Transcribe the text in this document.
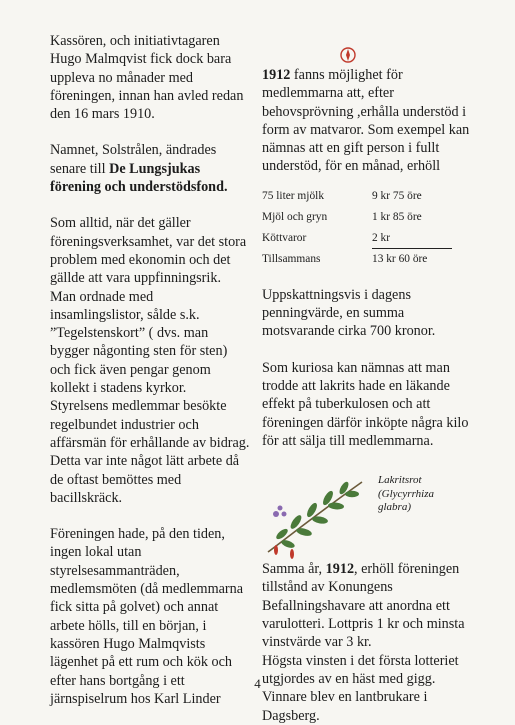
Kassören, och initiativtagaren Hugo Malmqvist fick dock bara uppleva no månader med föreningen, innan han avled redan den 16 mars 1910.

Namnet, Solstrålen, ändrades senare till De Lungsjukas förening och understödsfond.

Som alltid, när det gäller föreningsverksamhet, var det stora problem med ekonomin och det gällde att vara uppfinningsrik. Man ordnade med insamlingslistor, sålde s.k. ”Tegelstenskort” ( dvs. man bygger någonting sten för sten) och fick även pengar genom kollekt i stadens kyrkor.

Styrelsens medlemmar besökte regelbundet industrier och affärsmän för erhållande av bidrag. Detta var inte något lätt arbete då de oftast bemöttes med bacillskräck.

Föreningen hade, på den tiden, ingen lokal utan styrelsesammanträden, medlemsmöten (då medlemmarna fick sitta på golvet) och annat arbete hölls, till en början, i kassören Hugo Malmqvists lägenhet på ett rum och kök och efter hans bortgång i ett järnspiselrum hos Karl Linder

1912 fanns möjlighet för medlemmarna att, efter behovsprövning ,erhålla understöd i form av matvaror. Som exempel kan nämnas att en gift person i fullt understöd, för en månad, erhöll

75 liter mjölk	9 kr 75 öre
Mjöl och gryn	1 kr 85 öre
Köttvaror	2 kr
Tillsammans	13 kr 60 öre

Uppskattningsvis i dagens penningvärde, en summa motsvarande cirka 700 kronor.

Som kuriosa kan nämnas att man trodde att lakrits hade en läkande effekt på tuberkulosen och att föreningen därför inköpte några kilo för att sälja till medlemmarna.

Lakritsrot
(Glycyrrhiza glabra)

Samma år, 1912, erhöll föreningen tillstånd av Konungens Befallningshavare att anordna ett varulotteri. Lottpris 1 kr och minsta vinstvärde var 3 kr.

Högsta vinsten i det första lotteriet utgjordes av en häst med gigg. Vinnare blev en lantbrukare i Dagsberg.

4
